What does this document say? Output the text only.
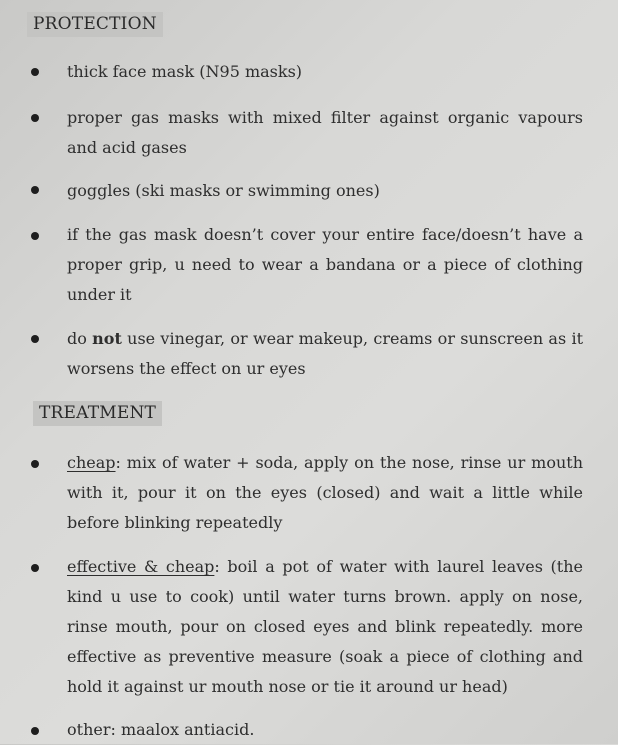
PROTECTION
thick face mask (N95 masks)
proper gas masks with mixed filter against organic vapours and acid gases
goggles (ski masks or swimming ones)
if the gas mask doesn’t cover your entire face/doesn’t have a proper grip, u need to wear a bandana or a piece of clothing under it
do not use vinegar, or wear makeup, creams or sunscreen as it worsens the effect on ur eyes
TREATMENT
cheap: mix of water + soda, apply on the nose, rinse ur mouth with it, pour it on the eyes (closed) and wait a little while before blinking repeatedly
effective & cheap: boil a pot of water with laurel leaves (the kind u use to cook) until water turns brown. apply on nose, rinse mouth, pour on closed eyes and blink repeatedly. more effective as preventive measure (soak a piece of clothing and hold it against ur mouth nose or tie it around ur head)
other: maalox antiacid.
